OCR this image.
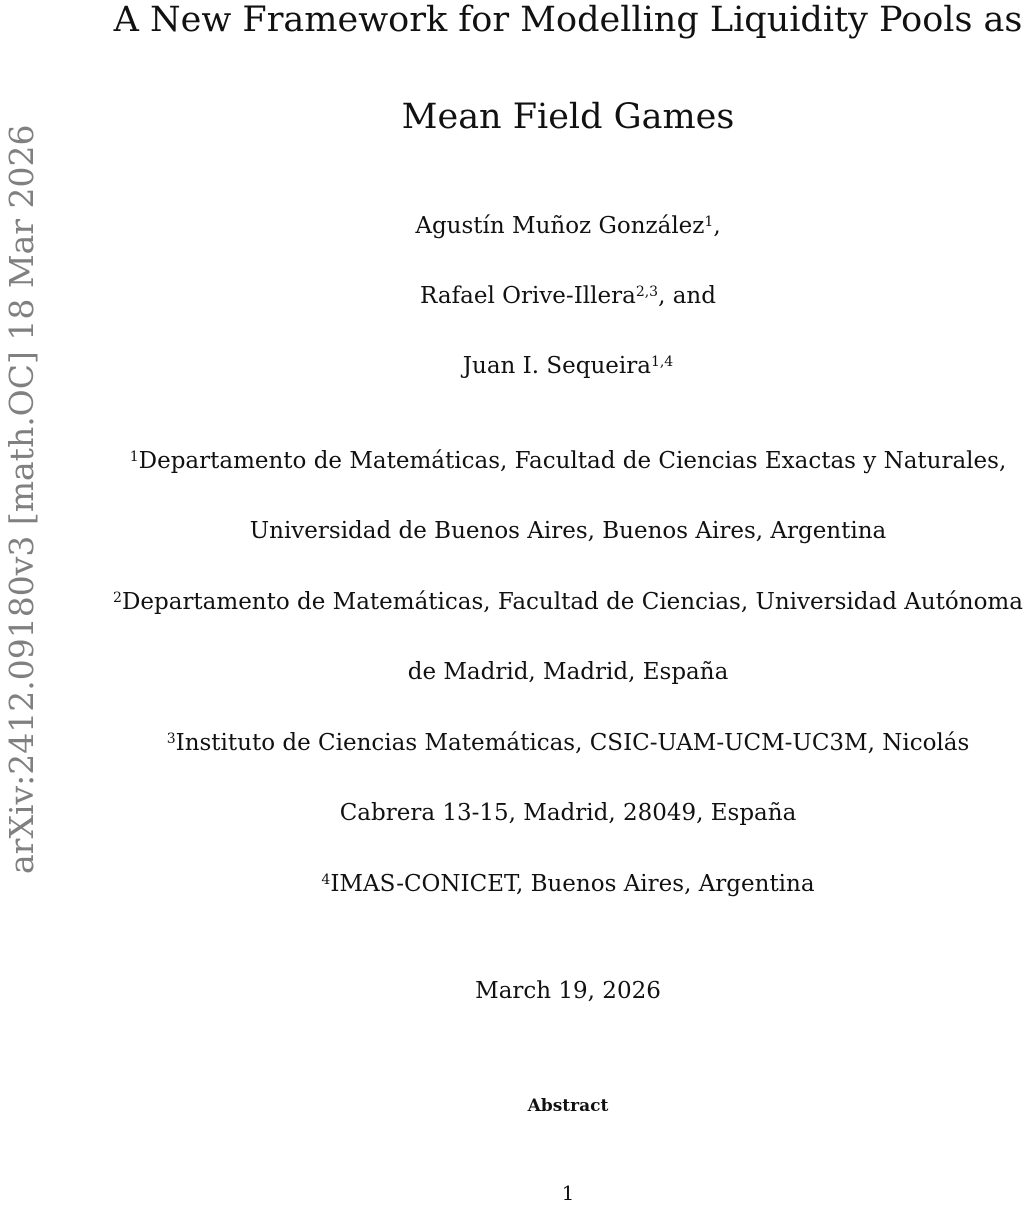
arXiv:2412.09180v3 [math.OC] 18 Mar 2026
A New Framework for Modelling Liquidity Pools as
Mean Field Games
Agustín Muñoz González$^1$,
Rafael Orive-Illera$^{2,3}$, and
Juan I. Sequeira$^{1,4}$
$^1$Departamento de Matemáticas, Facultad de Ciencias Exactas y Naturales,
Universidad de Buenos Aires, Buenos Aires, Argentina
$^2$Departamento de Matemáticas, Facultad de Ciencias, Universidad Autónoma
de Madrid, Madrid, España
$^3$Instituto de Ciencias Matemáticas, CSIC-UAM-UCM-UC3M, Nicolás
Cabrera 13-15, Madrid, 28049, España
$^4$IMAS-CONICET, Buenos Aires, Argentina
March 19, 2026
Abstract
1
